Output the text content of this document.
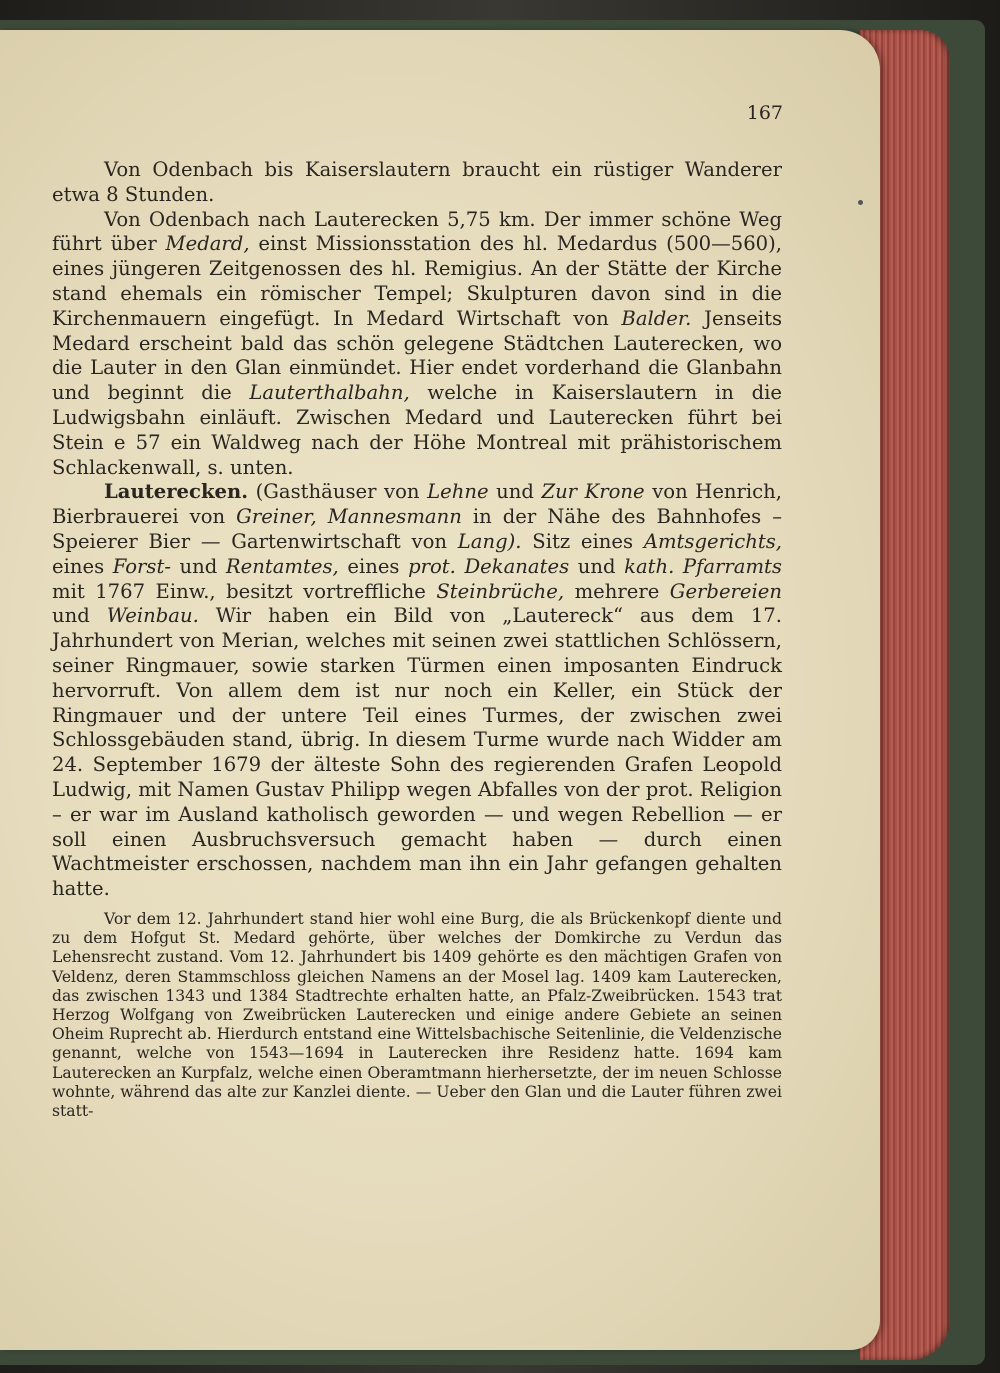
167

Von Odenbach bis Kaiserslautern braucht ein rüstiger Wanderer etwa 8 Stunden.

Von Odenbach nach Lauterecken 5,75 km. Der immer schöne Weg führt über Medard, einst Missionsstation des hl. Medardus (500—560), eines jüngeren Zeitgenossen des hl. Remigius. An der Stätte der Kirche stand ehemals ein römischer Tempel; Skulpturen davon sind in die Kirchenmauern eingefügt. In Medard Wirtschaft von Balder. Jenseits Medard erscheint bald das schön gelegene Städtchen Lauterecken, wo die Lauter in den Glan einmündet. Hier endet vorderhand die Glanbahn und beginnt die Lauterthalbahn, welche in Kaiserslautern in die Ludwigsbahn einläuft. Zwischen Medard und Lauterecken führt bei Stein e 57 ein Waldweg nach der Höhe Montreal mit prähistorischem Schlackenwall, s. unten.

Lauterecken. (Gasthäuser von Lehne und Zur Krone von Henrich, Bierbrauerei von Greiner, Mannesmann in der Nähe des Bahnhofes – Speierer Bier — Gartenwirtschaft von Lang). Sitz eines Amtsgerichts, eines Forst- und Rentamtes, eines prot. Dekanates und kath. Pfarramts mit 1767 Einw., besitzt vortreffliche Steinbrüche, mehrere Gerbereien und Weinbau. Wir haben ein Bild von „Lautereck“ aus dem 17. Jahrhundert von Merian, welches mit seinen zwei stattlichen Schlössern, seiner Ringmauer, sowie starken Türmen einen imposanten Eindruck hervorruft. Von allem dem ist nur noch ein Keller, ein Stück der Ringmauer und der untere Teil eines Turmes, der zwischen zwei Schlossgebäuden stand, übrig. In diesem Turme wurde nach Widder am 24. September 1679 der älteste Sohn des regierenden Grafen Leopold Ludwig, mit Namen Gustav Philipp wegen Abfalles von der prot. Religion – er war im Ausland katholisch geworden — und wegen Rebellion — er soll einen Ausbruchsversuch gemacht haben — durch einen Wachtmeister erschossen, nachdem man ihn ein Jahr gefangen gehalten hatte.

Vor dem 12. Jahrhundert stand hier wohl eine Burg, die als Brückenkopf diente und zu dem Hofgut St. Medard gehörte, über welches der Domkirche zu Verdun das Lehensrecht zustand. Vom 12. Jahrhundert bis 1409 gehörte es den mächtigen Grafen von Veldenz, deren Stammschloss gleichen Namens an der Mosel lag. 1409 kam Lauterecken, das zwischen 1343 und 1384 Stadtrechte erhalten hatte, an Pfalz-Zweibrücken. 1543 trat Herzog Wolfgang von Zweibrücken Lauterecken und einige andere Gebiete an seinen Oheim Ruprecht ab. Hierdurch entstand eine Wittelsbachische Seitenlinie, die Veldenzische genannt, welche von 1543—1694 in Lauterecken ihre Residenz hatte. 1694 kam Lauterecken an Kurpfalz, welche einen Oberamtmann hierhersetzte, der im neuen Schlosse wohnte, während das alte zur Kanzlei diente. — Ueber den Glan und die Lauter führen zwei statt-
